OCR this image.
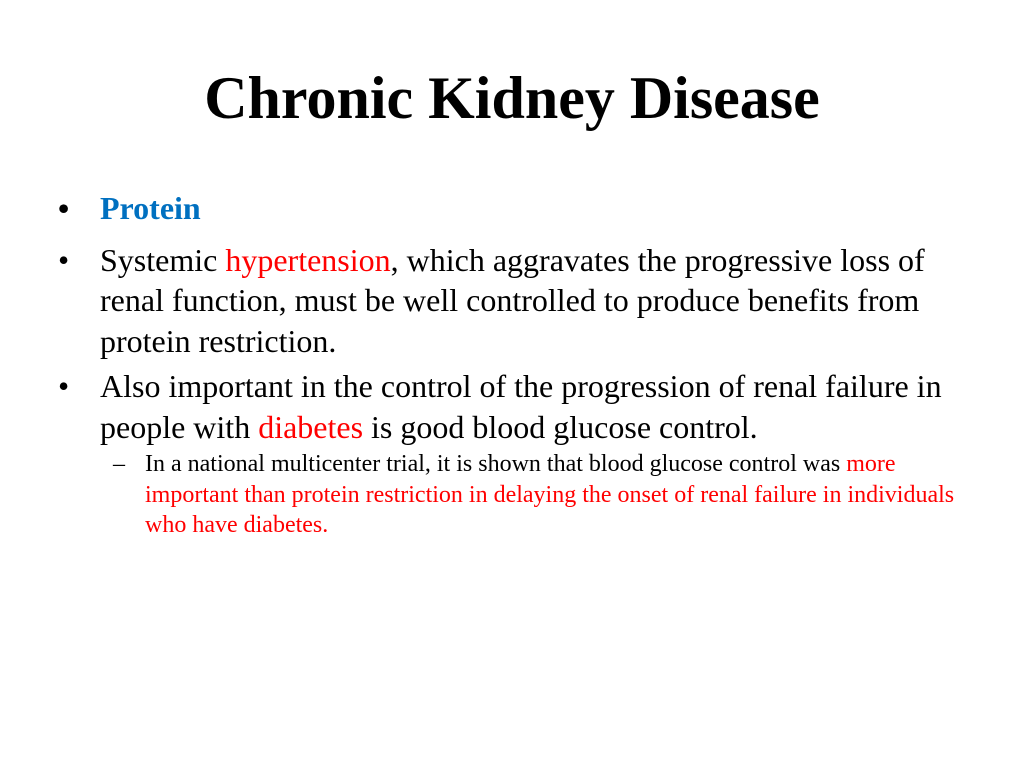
Chronic Kidney Disease
• Protein
• Systemic hypertension, which aggravates the progressive loss of renal function, must be well controlled to produce benefits from protein restriction.
• Also important in the control of the progression of renal failure in people with diabetes is good blood glucose control.
– In a national multicenter trial, it is shown that blood glucose control was more important than protein restriction in delaying the onset of renal failure in individuals who have diabetes.
